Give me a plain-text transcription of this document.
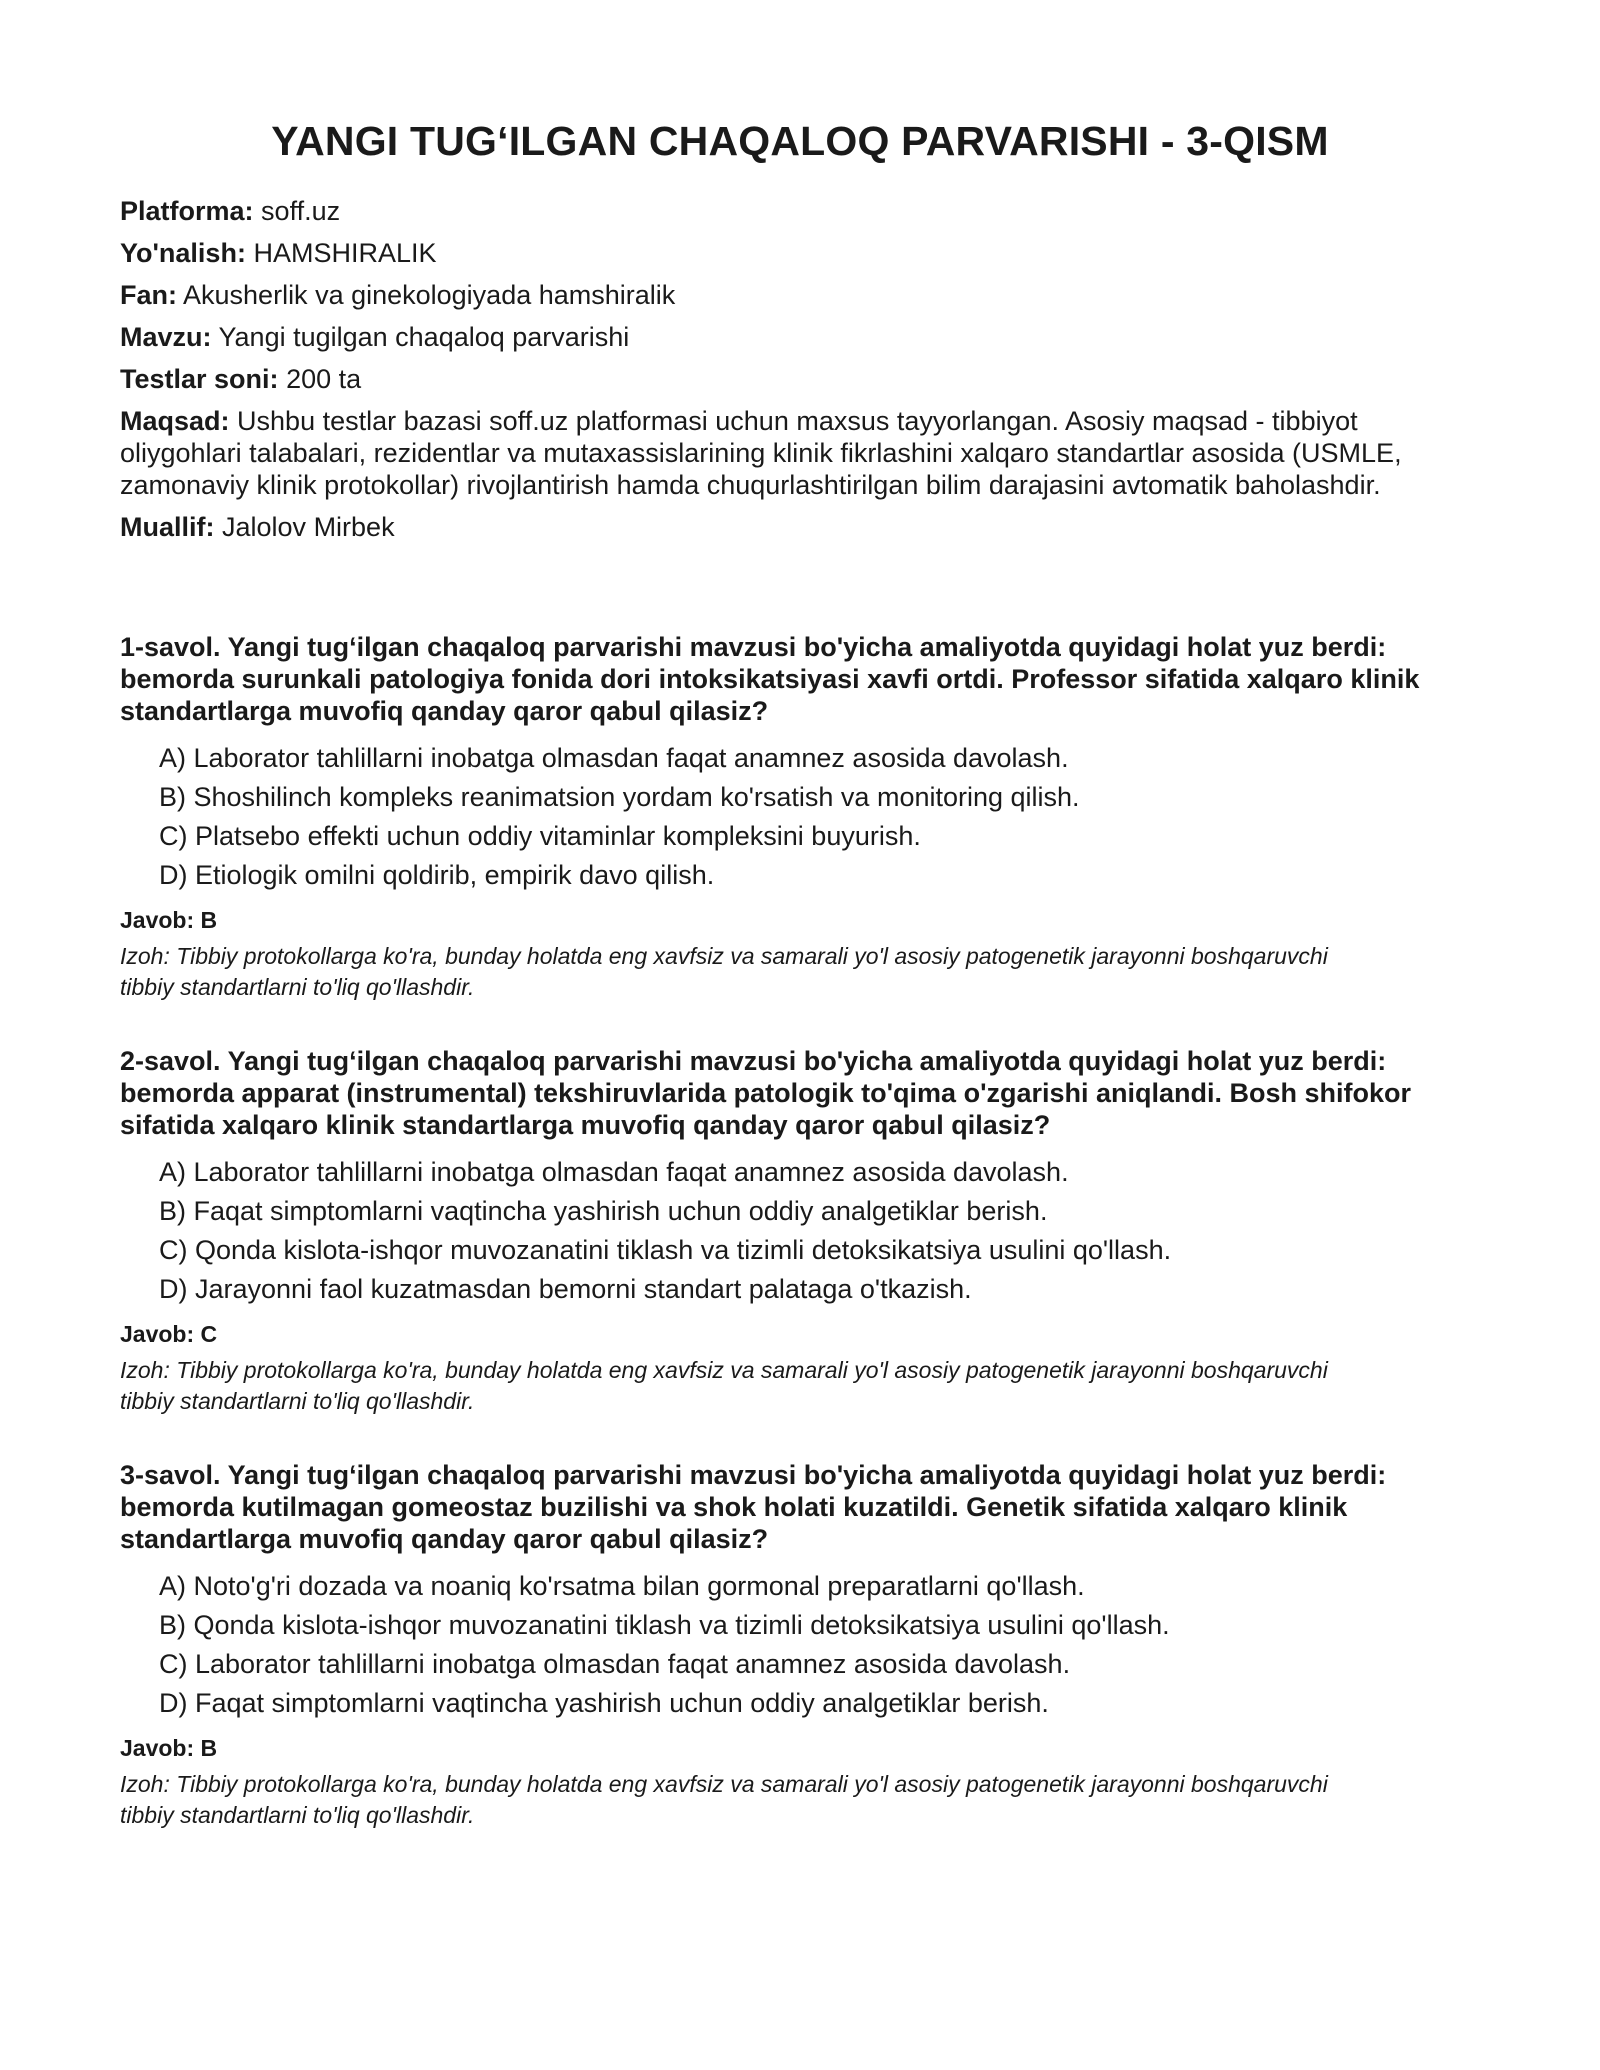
YANGI TUG‘ILGAN CHAQALOQ PARVARISHI - 3-QISM

Platforma: soff.uz

Yo'nalish: HAMSHIRALIK

Fan: Akusherlik va ginekologiyada hamshiralik

Mavzu: Yangi tugilgan chaqaloq parvarishi

Testlar soni: 200 ta

Maqsad: Ushbu testlar bazasi soff.uz platformasi uchun maxsus tayyorlangan. Asosiy maqsad - tibbiyot oliygohlari talabalari, rezidentlar va mutaxassislarining klinik fikrlashini xalqaro standartlar asosida (USMLE, zamonaviy klinik protokollar) rivojlantirish hamda chuqurlashtirilgan bilim darajasini avtomatik baholashdir.

Muallif: Jalolov Mirbek

1-savol. Yangi tug‘ilgan chaqaloq parvarishi mavzusi bo'yicha amaliyotda quyidagi holat yuz berdi: bemorda surunkali patologiya fonida dori intoksikatsiyasi xavfi ortdi. Professor sifatida xalqaro klinik standartlarga muvofiq qanday qaror qabul qilasiz?

A) Laborator tahlillarni inobatga olmasdan faqat anamnez asosida davolash.
B) Shoshilinch kompleks reanimatsion yordam ko'rsatish va monitoring qilish.
C) Platsebo effekti uchun oddiy vitaminlar kompleksini buyurish.
D) Etiologik omilni qoldirib, empirik davo qilish.

Javob: B

Izoh: Tibbiy protokollarga ko'ra, bunday holatda eng xavfsiz va samarali yo'l asosiy patogenetik jarayonni boshqaruvchi tibbiy standartlarni to'liq qo'llashdir.

2-savol. Yangi tug‘ilgan chaqaloq parvarishi mavzusi bo'yicha amaliyotda quyidagi holat yuz berdi: bemorda apparat (instrumental) tekshiruvlarida patologik to'qima o'zgarishi aniqlandi. Bosh shifokor sifatida xalqaro klinik standartlarga muvofiq qanday qaror qabul qilasiz?

A) Laborator tahlillarni inobatga olmasdan faqat anamnez asosida davolash.
B) Faqat simptomlarni vaqtincha yashirish uchun oddiy analgetiklar berish.
C) Qonda kislota-ishqor muvozanatini tiklash va tizimli detoksikatsiya usulini qo'llash.
D) Jarayonni faol kuzatmasdan bemorni standart palataga o'tkazish.

Javob: C

Izoh: Tibbiy protokollarga ko'ra, bunday holatda eng xavfsiz va samarali yo'l asosiy patogenetik jarayonni boshqaruvchi tibbiy standartlarni to'liq qo'llashdir.

3-savol. Yangi tug‘ilgan chaqaloq parvarishi mavzusi bo'yicha amaliyotda quyidagi holat yuz berdi: bemorda kutilmagan gomeostaz buzilishi va shok holati kuzatildi. Genetik sifatida xalqaro klinik standartlarga muvofiq qanday qaror qabul qilasiz?

A) Noto'g'ri dozada va noaniq ko'rsatma bilan gormonal preparatlarni qo'llash.
B) Qonda kislota-ishqor muvozanatini tiklash va tizimli detoksikatsiya usulini qo'llash.
C) Laborator tahlillarni inobatga olmasdan faqat anamnez asosida davolash.
D) Faqat simptomlarni vaqtincha yashirish uchun oddiy analgetiklar berish.

Javob: B

Izoh: Tibbiy protokollarga ko'ra, bunday holatda eng xavfsiz va samarali yo'l asosiy patogenetik jarayonni boshqaruvchi tibbiy standartlarni to'liq qo'llashdir.
